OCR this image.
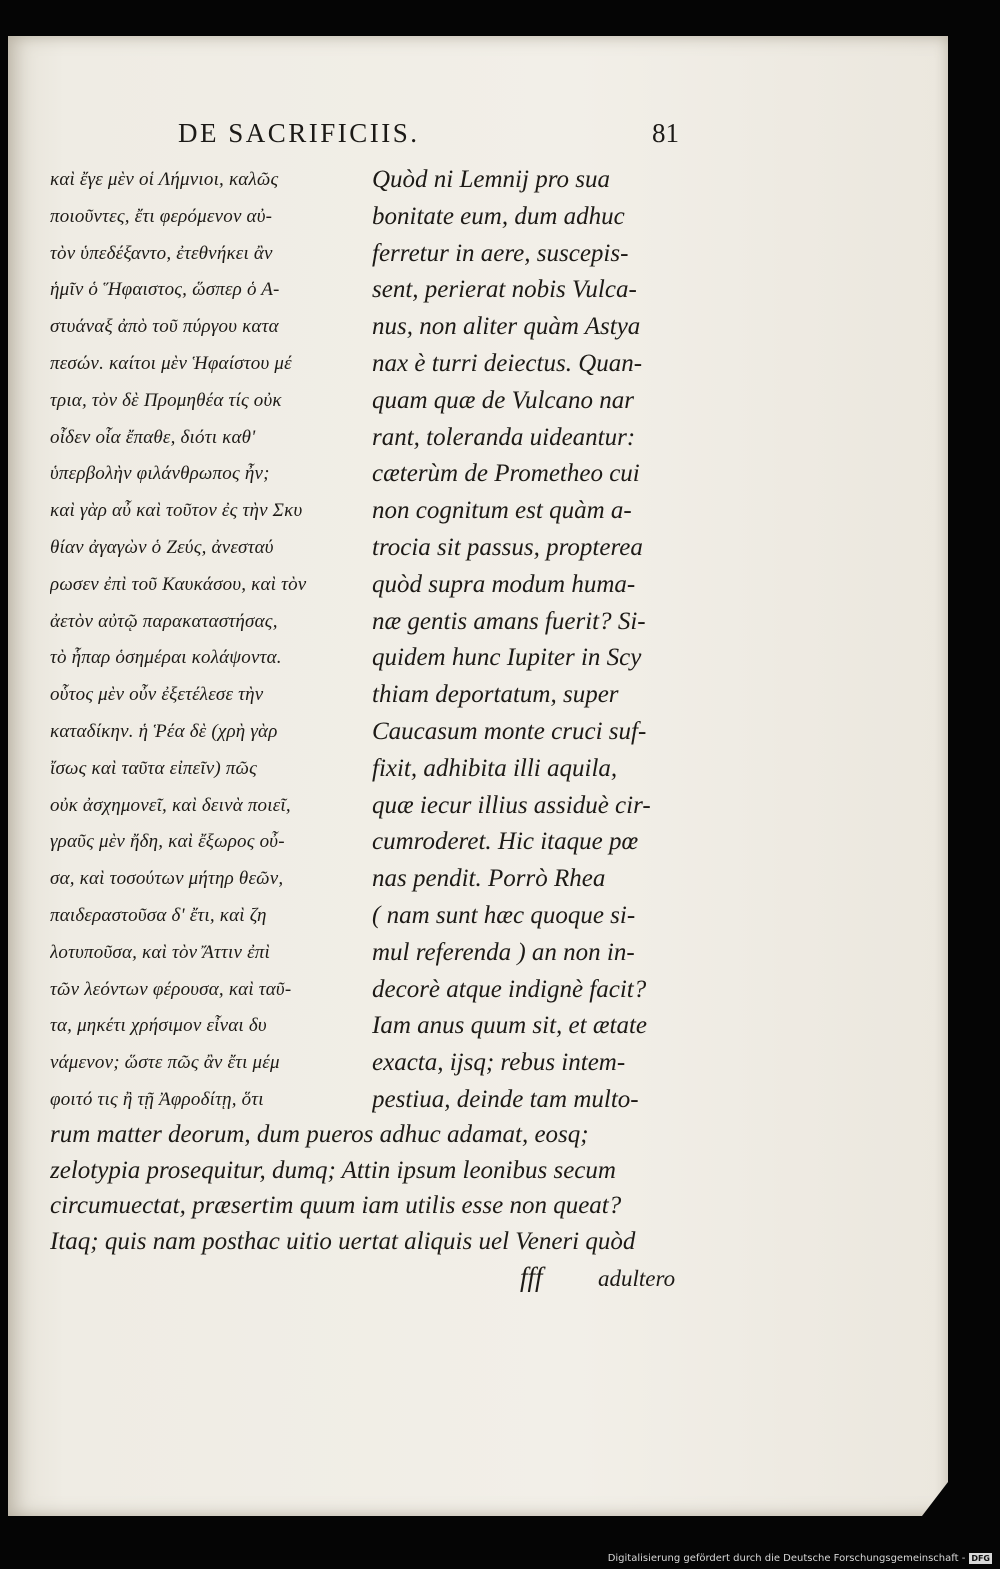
DE SACRIFICIIS.	81
καὶ ἔγε μὲν οἱ Λήμνιοι, καλῶς
ποιοῦντες, ἔτι φερόμενον αὐ-
τὸν ὑπεδέξαντο, ἐτεθνήκει ἂν
ἡμῖν ὁ Ἥφαιστος, ὥσπερ ὁ Α-
στυάναξ ἀπὸ τοῦ πύργου κατα
πεσών. καίτοι μὲν Ἡφαίστου μέ
τρια, τὸν δὲ Προμηθέα τίς οὐκ
οἶδεν οἷα ἔπαθε, διότι καθ'
ὑπερβολὴν φιλάνθρωπος ἦν;
καὶ γὰρ αὖ καὶ τοῦτον ἐς τὴν Σκυ
θίαν ἀγαγὼν ὁ Ζεύς, ἀνεσταύ
ρωσεν ἐπὶ τοῦ Καυκάσου, καὶ τὸν
ἀετὸν αὐτῷ παρακαταστήσας,
τὸ ἧπαρ ὁσημέραι κολάψοντα.
οὗτος μὲν οὖν ἐξετέλεσε τὴν
καταδίκην. ἡ Ῥέα δὲ (χρὴ γὰρ
ἴσως καὶ ταῦτα εἰπεῖν) πῶς
οὐκ ἀσχημονεῖ, καὶ δεινὰ ποιεῖ,
γραῦς μὲν ἤδη, καὶ ἔξωρος οὖ-
σα, καὶ τοσούτων μήτηρ θεῶν,
παιδεραστοῦσα δ' ἔτι, καὶ ζη
λοτυποῦσα, καὶ τὸν Ἄττιν ἐπὶ
τῶν λεόντων φέρουσα, καὶ ταῦ-
τα, μηκέτι χρήσιμον εἶναι δυ
νάμενον; ὥστε πῶς ἂν ἔτι μέμ
φοιτό τις ἢ τῇ Ἀφροδίτῃ, ὅτι
Quòd ni Lemnij pro sua
bonitate eum, dum adhuc
ferretur in aere, suscepis-
sent, perierat nobis Vulca-
nus, non aliter quàm Astya
nax è turri deiectus. Quan-
quam quæ de Vulcano nar
rant, toleranda uideantur:
cæterùm de Prometheo cui
non cognitum est quàm a-
trocia sit passus, propterea
quòd supra modum huma-
næ gentis amans fuerit? Si-
quidem hunc Iupiter in Scy
thiam deportatum, super
Caucasum monte cruci suf-
fixit, adhibita illi aquila,
quæ iecur illius assiduè cir-
cumroderet. Hic itaque pœ
nas pendit. Porrò Rhea
( nam sunt hæc quoque si-
mul referenda ) an non in-
decorè atque indignè facit?
Iam anus quum sit, et ætate
exacta, ijsq; rebus intem-
pestiua, deinde tam multo-
rum matter deorum, dum pueros adhuc adamat, eosq;
zelotypia prosequitur, dumq; Attin ipsum leonibus secum
circumuectat, præsertim quum iam utilis esse non queat?
Itaq; quis nam posthac uitio uertat aliquis uel Veneri quòd
fff adultero
Digitalisierung gefördert durch die Deutsche Forschungsgemeinschaft - DFG
